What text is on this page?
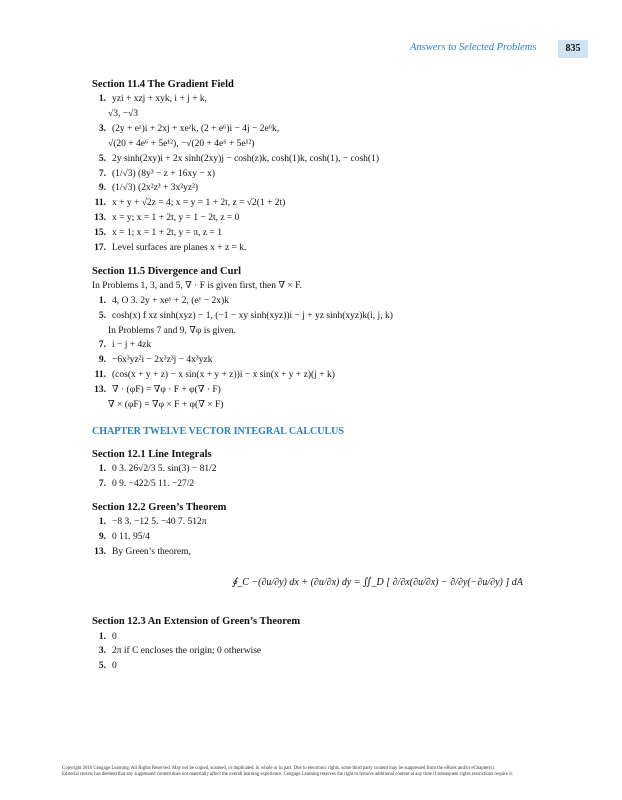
Answers to Selected Problems	835
Section 11.4 The Gradient Field
1. yzi + xzj + xyk, i + j + k,
√3, −√3
3. (2y + eᶻ)i + 2xj + xeᶻk, (2 + e⁶)i − 4j − 2e⁶k,
√(20 + 4e⁶ + 5e¹²), −√(20 + 4e⁶ + 5e¹²)
5. 2y sinh(2xy)i + 2x sinh(2xy)j − cosh(z)k, cosh(1)k, cosh(1), − cosh(1)
7. (1/√3) (8y³ − z + 16xy − x)
9. (1/√3) (2x²z³ + 3x²yz²)
11. x + y + √2z = 4; x = y = 1 + 2t, z = √2(1 + 2t)
13. x = y; x = 1 + 2t, y = 1 − 2t, z = 0
15. x = 1; x = 1 + 2t, y = π, z = 1
17. Level surfaces are planes x + z = k.
Section 11.5 Divergence and Curl
In Problems 1, 3, and 5, ∇ · F is given first, then ∇ × F.
1. 4, O 3. 2y + xeʸ + 2, (eʸ − 2x)k
5. cosh(x) f xz sinh(xyz) − 1, (−1 − xy sinh(xyz))i − j + yz sinh(xyz)k(i, j, k)
In Problems 7 and 9, ∇φ is given.
7. i − j + 4zk
9. −6x³yz²i − 2x³z³j − 4x³yzk
11. (cos(x + y + z) − x sin(x + y + z))i − x sin(x + y + z)(j + k)
13. ∇ · (φF) = ∇φ · F + φ(∇ · F)
∇ × (φF) = ∇φ × F + φ(∇ × F)
CHAPTER TWELVE VECTOR INTEGRAL CALCULUS
Section 12.1 Line Integrals
1. 0 3. 26√2/3 5. sin(3) − 81/2
7. 0 9. −422/5 11. −27/2
Section 12.2 Green’s Theorem
1. −8 3. −12 5. −40 7. 512π
9. 0 11. 95/4
13. By Green’s theorem,
∮_C −(∂u/∂y) dx + (∂u/∂x) dy = ∬_D [ ∂/∂x(∂u/∂x) − ∂/∂y(−∂u/∂y) ] dA
Section 12.3 An Extension of Green’s Theorem
1. 0
3. 2π if C encloses the origin; 0 otherwise
5. 0
Copyright 2010 Cengage Learning. All Rights Reserved. May not be copied, scanned, or duplicated, in whole or in part. Due to electronic rights, some third party content may be suppressed from the eBook and/or eChapter(s).
Editorial review has deemed that any suppressed content does not materially affect the overall learning experience. Cengage Learning reserves the right to remove additional content at any time if subsequent rights restrictions require it.
